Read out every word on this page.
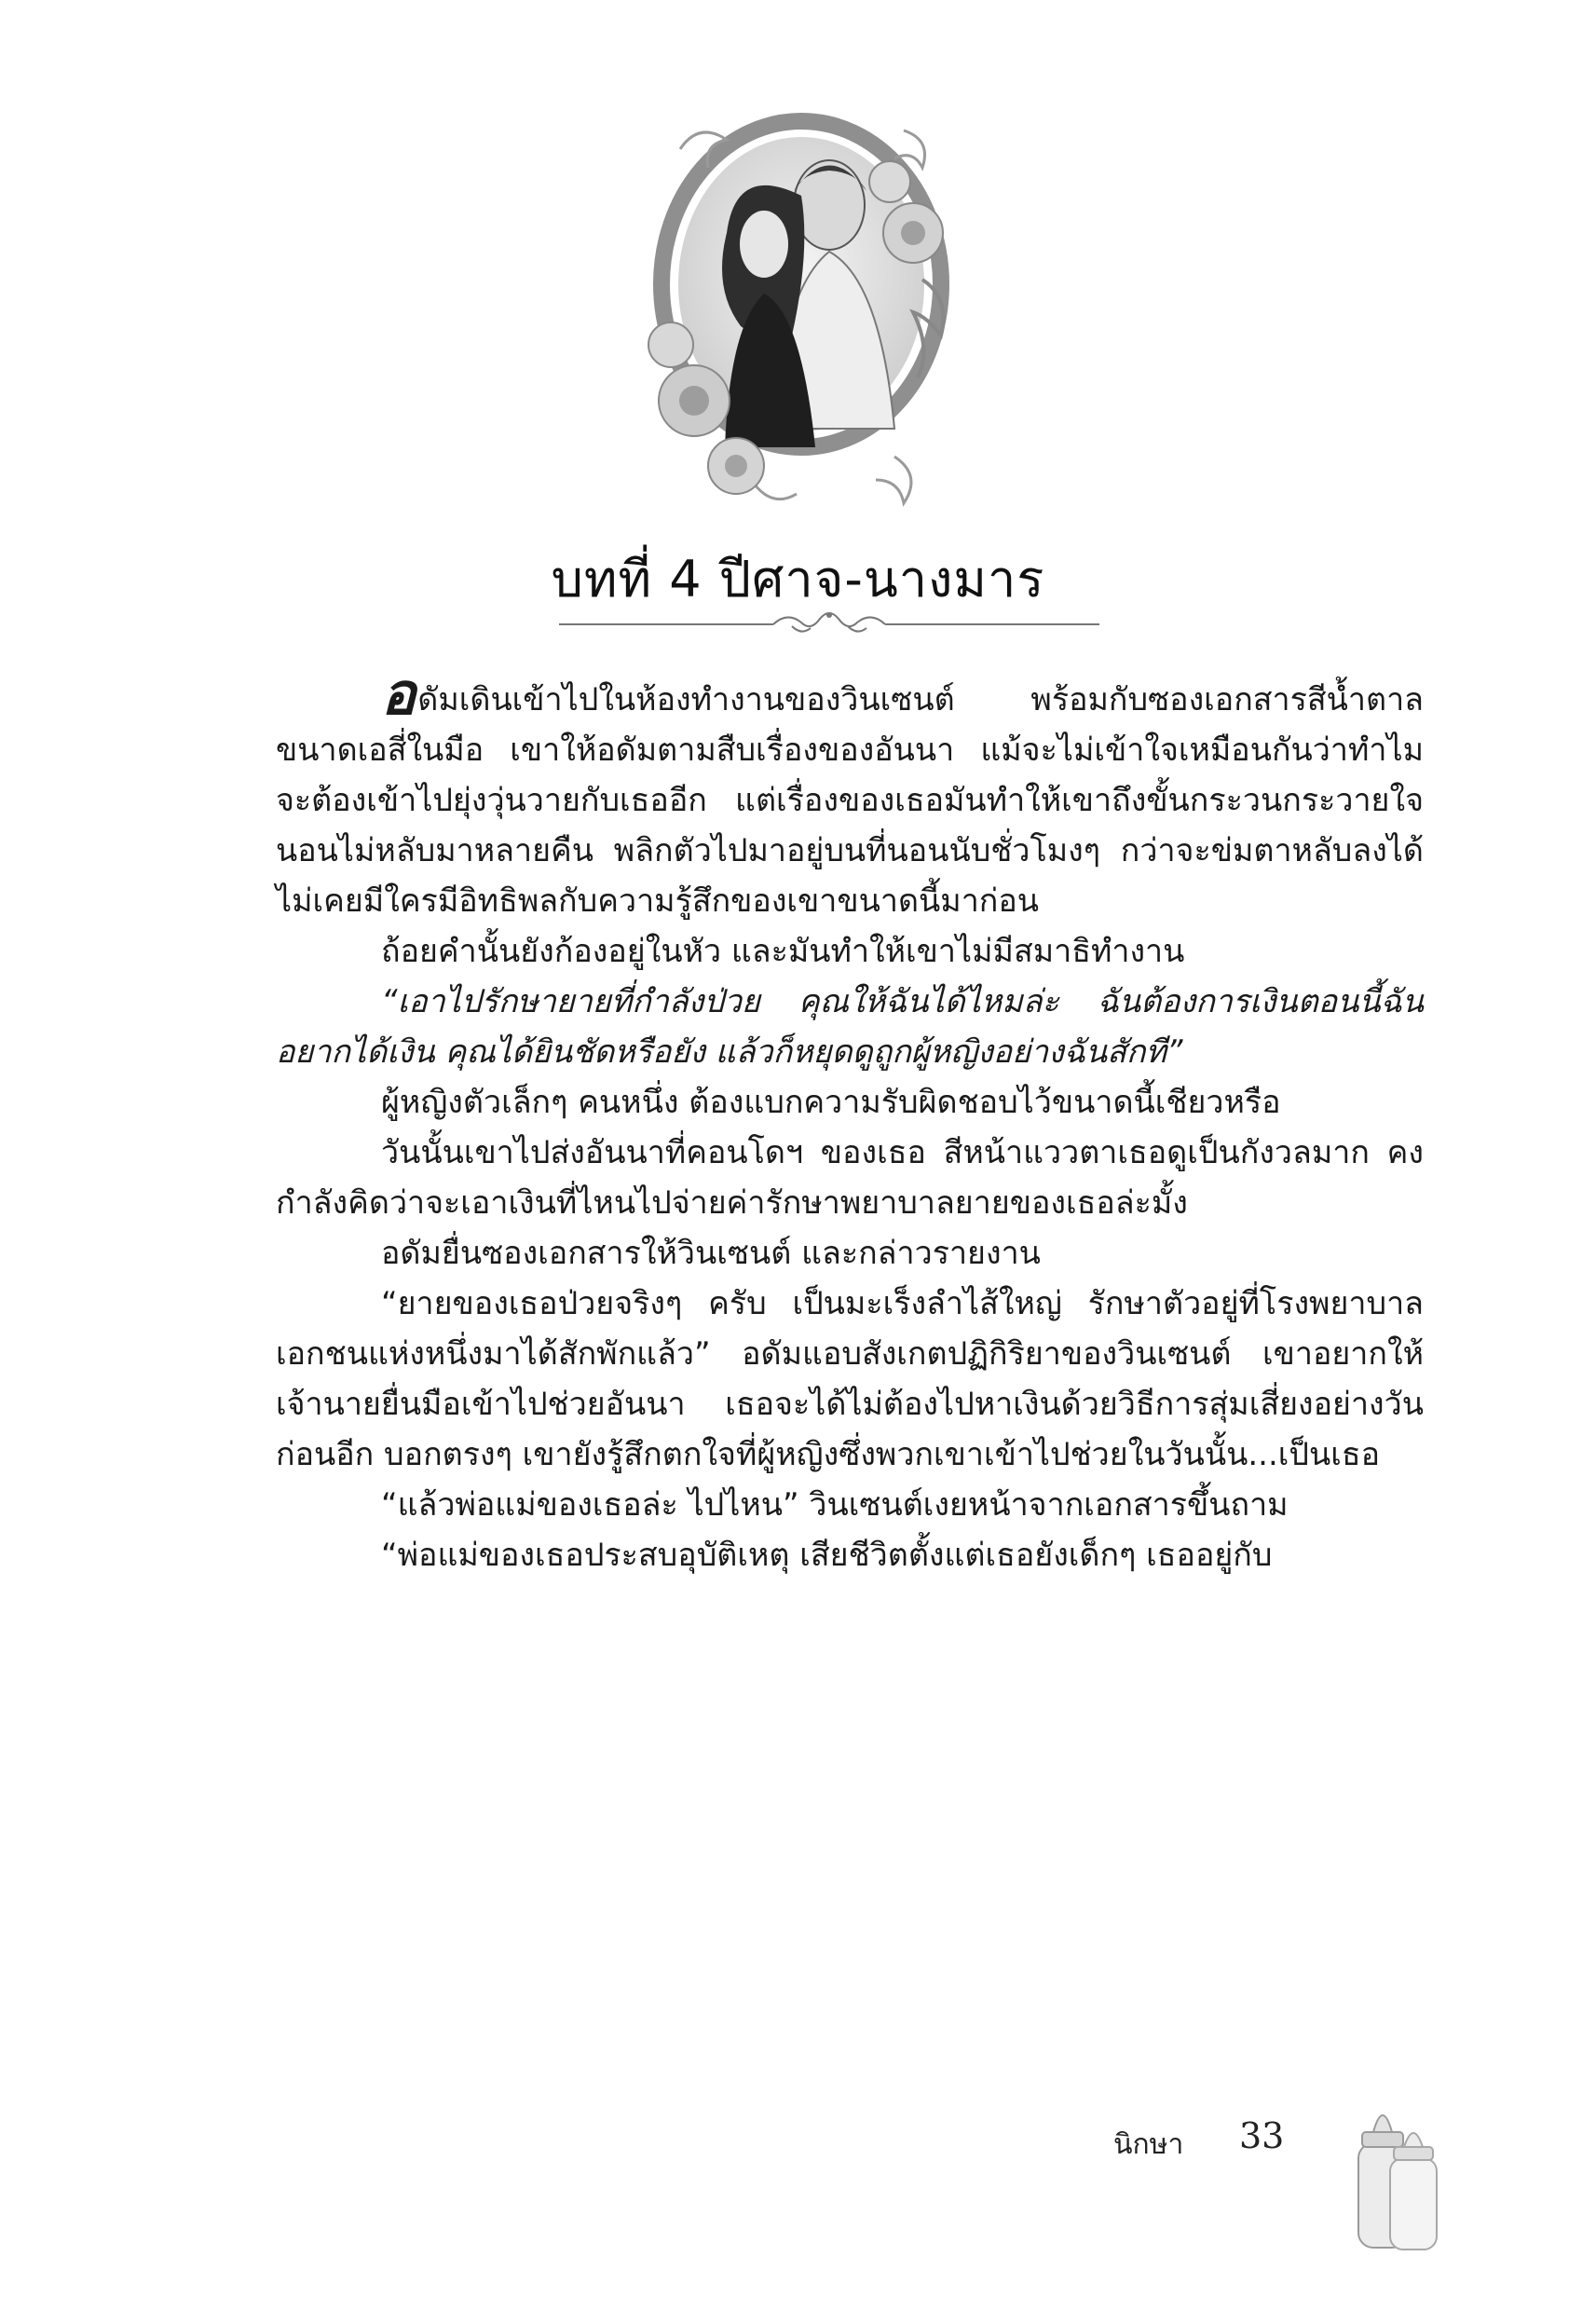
บทที่ 4 ปีศาจ-นางมาร

อดัมเดินเข้าไปในห้องทำงานของวินเซนต์ พร้อมกับซองเอกสารสีน้ำตาลขนาดเอสี่ในมือ เขาให้อดัมตามสืบเรื่องของอันนา แม้จะไม่เข้าใจเหมือนกันว่าทำไมจะต้องเข้าไปยุ่งวุ่นวายกับเธออีก แต่เรื่องของเธอมันทำให้เขาถึงขั้นกระวนกระวายใจ นอนไม่หลับมาหลายคืน พลิกตัวไปมาอยู่บนที่นอนนับชั่วโมงๆ กว่าจะข่มตาหลับลงได้ ไม่เคยมีใครมีอิทธิพลกับความรู้สึกของเขาขนาดนี้มาก่อน

ถ้อยคำนั้นยังก้องอยู่ในหัว และมันทำให้เขาไม่มีสมาธิทำงาน

“เอาไปรักษายายที่กำลังป่วย คุณให้ฉันได้ไหมล่ะ ฉันต้องการเงินตอนนี้ฉันอยากได้เงิน คุณได้ยินชัดหรือยัง แล้วก็หยุดดูถูกผู้หญิงอย่างฉันสักที”

ผู้หญิงตัวเล็กๆ คนหนึ่ง ต้องแบกความรับผิดชอบไว้ขนาดนี้เชียวหรือ

วันนั้นเขาไปส่งอันนาที่คอนโดฯ ของเธอ สีหน้าแววตาเธอดูเป็นกังวลมาก คงกำลังคิดว่าจะเอาเงินที่ไหนไปจ่ายค่ารักษาพยาบาลยายของเธอล่ะมั้ง

อดัมยื่นซองเอกสารให้วินเซนต์ และกล่าวรายงาน

“ยายของเธอป่วยจริงๆ ครับ เป็นมะเร็งลำไส้ใหญ่ รักษาตัวอยู่ที่โรงพยาบาลเอกชนแห่งหนึ่งมาได้สักพักแล้ว” อดัมแอบสังเกตปฏิกิริยาของวินเซนต์ เขาอยากให้เจ้านายยื่นมือเข้าไปช่วยอันนา เธอจะได้ไม่ต้องไปหาเงินด้วยวิธีการสุ่มเสี่ยงอย่างวันก่อนอีก บอกตรงๆ เขายังรู้สึกตกใจที่ผู้หญิงซึ่งพวกเขาเข้าไปช่วยในวันนั้น...เป็นเธอ

“แล้วพ่อแม่ของเธอล่ะ ไปไหน” วินเซนต์เงยหน้าจากเอกสารขึ้นถาม

“พ่อแม่ของเธอประสบอุบัติเหตุ เสียชีวิตตั้งแต่เธอยังเด็กๆ เธออยู่กับ

นิกษา 33
